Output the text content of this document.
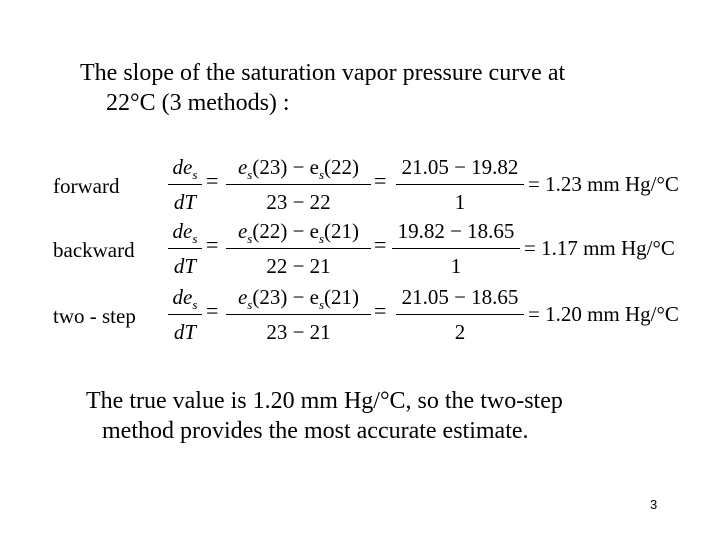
The slope of the saturation vapor pressure curve at
22°C (3 methods) :

forward
$de_s$
dT
=
$e_s(23) - e_s(22)$
23 − 22
=
21.05 − 19.82
1
= 1.23 mm Hg/°C
backward
$de_s$
dT
=
$e_s(22) - e_s(21)$
22 − 21
=
19.82 − 18.65
1
= 1.17 mm Hg/°C
two - step
$de_s$
dT
=
$e_s(23) - e_s(21)$
23 − 21
=
21.05 − 18.65
2
= 1.20 mm Hg/°C

The true value is 1.20 mm Hg/°C, so the two-step
method provides the most accurate estimate.

3
